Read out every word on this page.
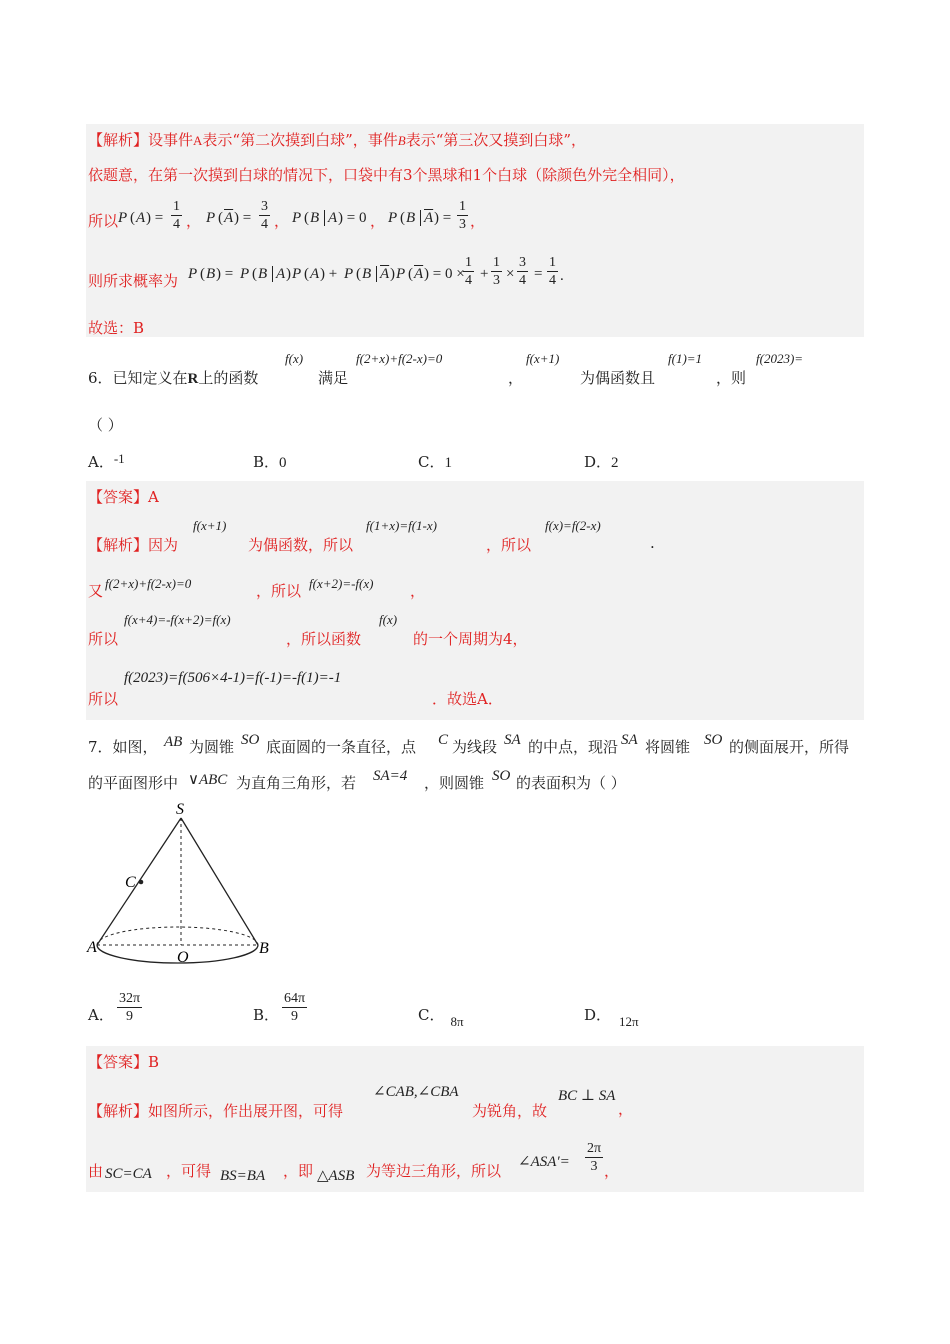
【解析】设事件A表示“第二次摸到白球”，事件B表示“第三次又摸到白球”，
依题意，在第一次摸到白球的情况下，口袋中有3个黑球和1个白球（除颜色外完全相同），
所以 P ( A ) = $\frac{1}{4}$ ， P ( $\overline{A}$ ) = $\frac{3}{4}$ ， P ( B A ) = 0 ， P ( B $\overline{A}$ ) = $\frac{1}{3}$ ，
则所求概率为 P ( B ) = P ( B A ) P ( A ) + P ( B $\overline{A}$ ) P ( $\overline{A}$ ) = 0 ×
$\frac{1}{4} + \frac{1}{3} \times \frac{3}{4} = \frac{1}{4}$ .
故选：B
6．已知定义在R上的函数
f(x)
满足
f(2+x)+f(2-x)=0
，
f(x+1)
为偶函数且
f(1)=1
，则
f(2023)=
（ ）
A．-1	B．0	C．1	D．2
【答案】A
【解析】因为
f(x+1)
为偶函数，所以
f(1+x)=f(1-x)
，所以
f(x)=f(2-x)
.
又 f(2+x)+f(2-x)=0	，所以 f(x+2)=-f(x) ，
所以
f(x+4)=-f(x+2)=f(x)
，所以函数
f(x)
的一个周期为4，
所以
f(2023)=f(506×4-1)=f(-1)=-f(1)=-1
．故选A．
7．如图， AB 为圆锥 SO 底面圆的一条直径，点 C 为线段 SA 的中点，现沿 SA 将圆锥 SO 的侧面展开，所得
的平面图形中 ∨ABC 为直角三角形，若 SA=4 ，则圆锥 SO 的表面积为（ ）
S
C
A
O
B
A． $\frac{32\pi}{9}$	B． $\frac{64\pi}{9}$	C． 8π	D． 12π
【答案】B
【解析】如图所示，作出展开图，可得
∠CAB,∠CBA
为锐角，故
BC ⊥ SA
，
由 SC=CA ，可得 BS=BA ，即 △ASB 为等边三角形，所以 ∠ASA′= $\frac{2\pi}{3}$ ，
